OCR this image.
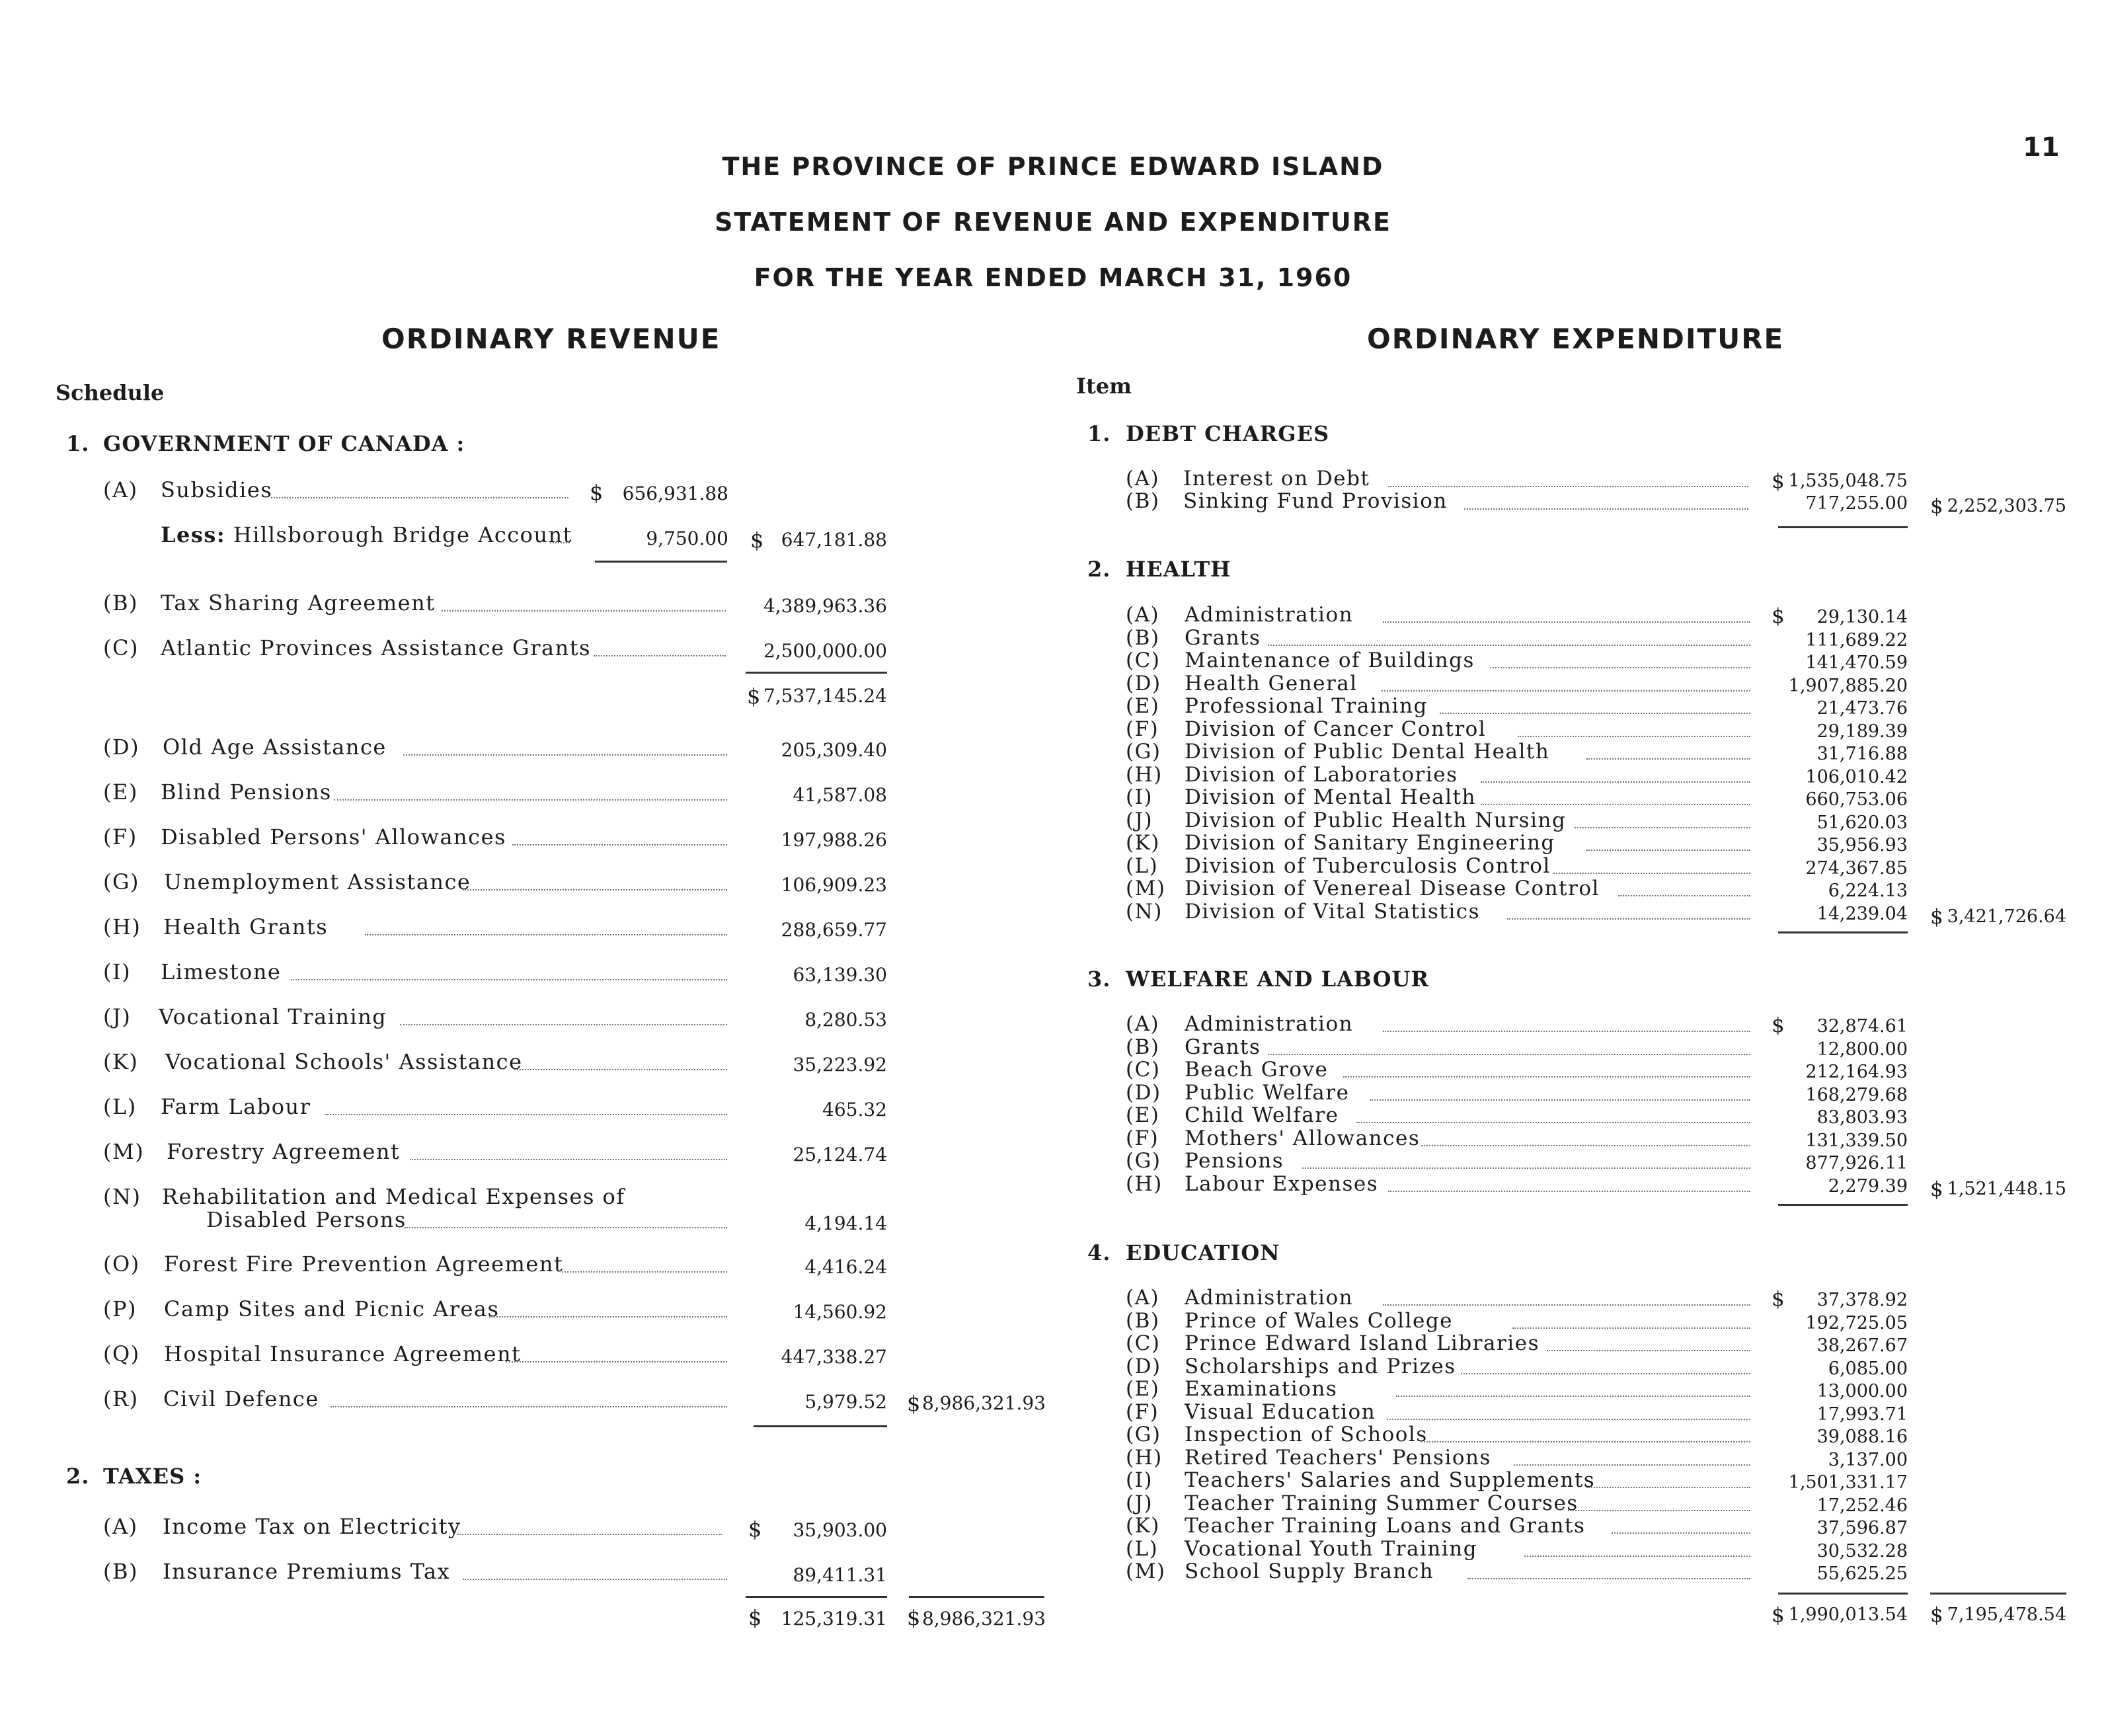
11
THE PROVINCE OF PRINCE EDWARD ISLAND
STATEMENT OF REVENUE AND EXPENDITURE
FOR THE YEAR ENDED MARCH 31, 1960
ORDINARY REVENUE	ORDINARY EXPENDITURE
Schedule	Item
1. GOVERNMENT OF CANADA :
(A) Subsidies	$ 656,931.88
Less: Hillsborough Bridge Account	9,750.00 $ 647,181.88
(B) Tax Sharing Agreement	4,389,963.36
(C) Atlantic Provinces Assistance Grants	2,500,000.00
$ 7,537,145.24
(D) Old Age Assistance	205,309.40
(E) Blind Pensions	41,587.08
(F) Disabled Persons' Allowances	197,988.26
(G) Unemployment Assistance	106,909.23
(H) Health Grants	288,659.77
(I) Limestone	63,139.30
(J) Vocational Training	8,280.53
(K) Vocational Schools' Assistance	35,223.92
(L) Farm Labour	465.32
(M) Forestry Agreement	25,124.74
(N) Rehabilitation and Medical Expenses of
Disabled Persons	4,194.14
(O) Forest Fire Prevention Agreement	4,416.24
(P) Camp Sites and Picnic Areas	14,560.92
(Q) Hospital Insurance Agreement	447,338.27
(R) Civil Defence	5,979.52 $ 8,986,321.93
2. TAXES :
(A) Income Tax on Electricity	$	35,903.00
(B) Insurance Premiums Tax	89,411.31
$ 125,319.31 $ 8,986,321.93
1. DEBT CHARGES
(A) Interest on Debt	$ 1,535,048.75
(B) Sinking Fund Provision	717,255.00 $ 2,252,303.75
2. HEALTH
(A) Administration	29,130.14
$
(B) Grants	111,689.22
(C) Maintenance of Buildings	141,470.59
(D) Health General	1,907,885.20
(E) Professional Training	21,473.76
(F) Division of Cancer Control	29,189.39
(G) Division of Public Dental Health	31,716.88
(H) Division of Laboratories	106,010.42
(I) Division of Mental Health	660,753.06
(J) Division of Public Health Nursing	51,620.03
(K) Division of Sanitary Engineering	35,956.93
(L) Division of Tuberculosis Control	274,367.85
(M) Division of Venereal Disease Control	6,224.13
(N) Division of Vital Statistics	14,239.04 $ 3,421,726.64
3. WELFARE AND LABOUR
(A) Administration	32,874.61
$
(B) Grants	12,800.00
(C) Beach Grove	212,164.93
(D) Public Welfare	168,279.68
(E) Child Welfare	83,803.93
(F) Mothers' Allowances	131,339.50
(G) Pensions	877,926.11
(H) Labour Expenses	2,279.39 $ 1,521,448.15
4. EDUCATION
(A) Administration	37,378.92
$
(B) Prince of Wales College	192,725.05
(C) Prince Edward Island Libraries	38,267.67
(D) Scholarships and Prizes	6,085.00
(E) Examinations	13,000.00
(F) Visual Education	17,993.71
(G) Inspection of Schools	39,088.16
(H) Retired Teachers' Pensions	3,137.00
(I) Teachers' Salaries and Supplements	1,501,331.17
(J) Teacher Training Summer Courses	17,252.46
(K) Teacher Training Loans and Grants	37,596.87
(L) Vocational Youth Training	30,532.28
(M) School Supply Branch	55,625.25
$ 1,990,013.54 $ 7,195,478.54
